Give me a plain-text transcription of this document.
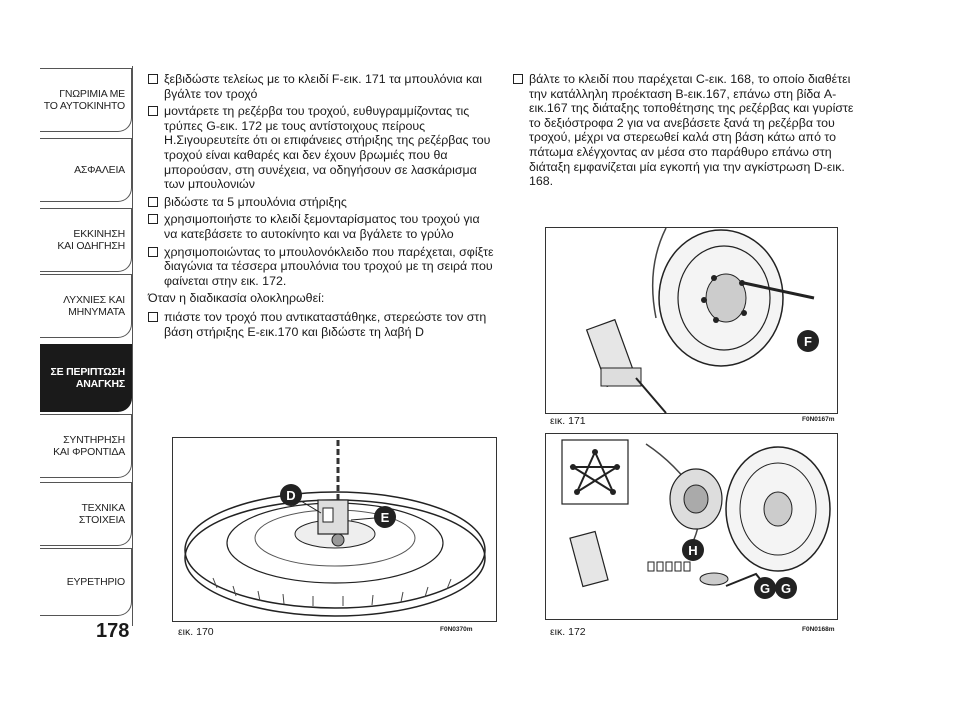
ΓΝΩΡΙΜΙΑ ΜΕ
ΤΟ ΑΥΤΟΚΙΝΗΤΟ
ΑΣΦΑΛΕΙΑ
ΕΚΚΙΝΗΣΗ
ΚΑΙ ΟΔΗΓΗΣΗ
ΛΥΧΝΙΕΣ ΚΑΙ
ΜΗΝΥΜΑΤΑ
ΣΕ ΠΕΡΙΠΤΩΣΗ
ΑΝΑΓΚΗΣ
ΣΥΝΤΗΡΗΣΗ
ΚΑΙ ΦΡΟΝΤΙΔΑ
ΤΕΧΝΙΚΑ
ΣΤΟΙΧΕΙΑ
ΕΥΡΕΤΗΡΙΟ
178
ξεβιδώστε τελείως με το κλειδί F-εικ. 171 τα μπουλόνια και βγάλτε τον τροχό
μοντάρετε τη ρεζέρβα του τροχού, ευθυγραμμίζοντας τις τρύπες G-εικ. 172 με τους αντίστοιχους πείρους Η.Σιγουρευτείτε ότι οι επιφάνειες στήριξης της ρεζέρβας του τροχού είναι καθαρές και δεν έχουν βρωμιές που θα μπορούσαν, στη συνέχεια, να οδηγήσουν σε λασκάρισμα των μπουλονιών
βιδώστε τα 5 μπουλόνια στήριξης
χρησιμοποιήστε το κλειδί ξεμονταρίσματος του τροχού για να κατεβάσετε το αυτοκίνητο και να βγάλετε το γρύλο
χρησιμοποιώντας το μπουλονόκλειδο που παρέχεται, σφίξτε διαγώνια τα τέσσερα μπουλόνια του τροχού με τη σειρά που φαίνεται στην εικ. 172.
Όταν η διαδικασία ολοκληρωθεί:
πιάστε τον τροχό που αντικαταστάθηκε, στερεώστε τον στη βάση στήριξης E-εικ.170 και βιδώστε τη λαβή D
βάλτε το κλειδί που παρέχεται C-εικ. 168, το οποίο διαθέτει την κατάλληλη προέκταση B-εικ.167, επάνω στη βίδα A-εικ.167 της διάταξης τοποθέτησης της ρεζέρβας και γυρίστε το δεξιόστροφα 2 για να ανεβάσετε ξανά τη ρεζέρβα του τροχού, μέχρι να στερεωθεί καλά στη βάση κάτω από το πάτωμα ελέγχοντας αν μέσα στο παράθυρο επάνω στη διάταξη εμφανίζεται μία εγκοπή για την αγκίστρωση D-εικ. 168.
D
E
εικ. 170	F0N0370m
F
εικ. 171	F0N0167m
H
G G
εικ. 172	F0N0168m
